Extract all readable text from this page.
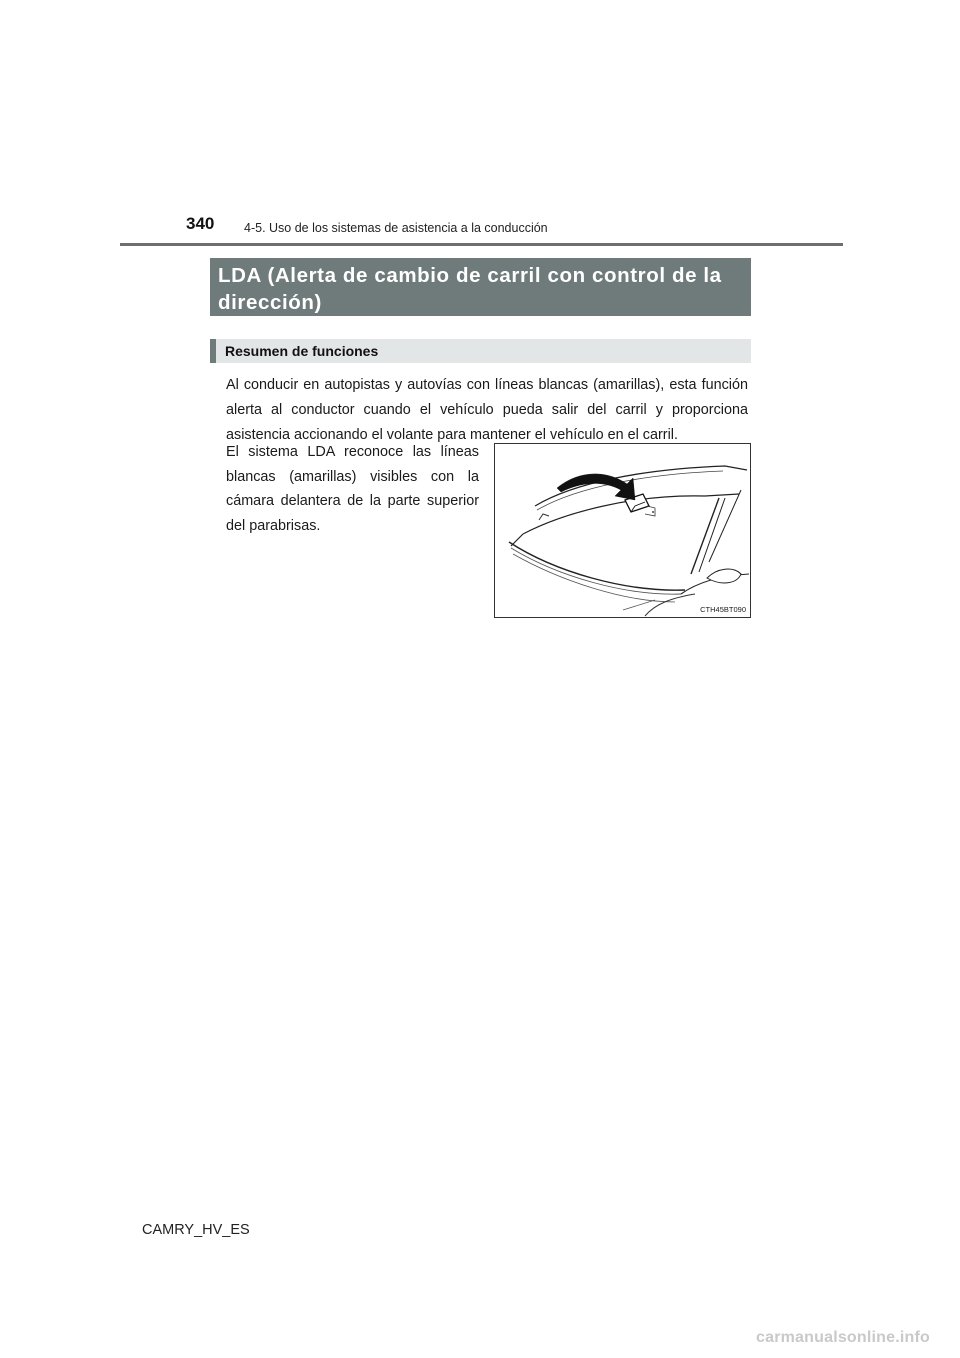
340 4-5. Uso de los sistemas de asistencia a la conducción
LDA (Alerta de cambio de carril con control de la dirección)
Resumen de funciones

Al conducir en autopistas y autovías con líneas blancas (amarillas), esta función alerta al conductor cuando el vehículo pueda salir del carril y proporciona asistencia accionando el volante para mantener el vehículo en el carril.

El sistema LDA reconoce las líneas blancas (amarillas) visibles con la cámara delantera de la parte superior del parabrisas.

CTH45BT090
CAMRY_HV_ES
carmanualsonline.info
